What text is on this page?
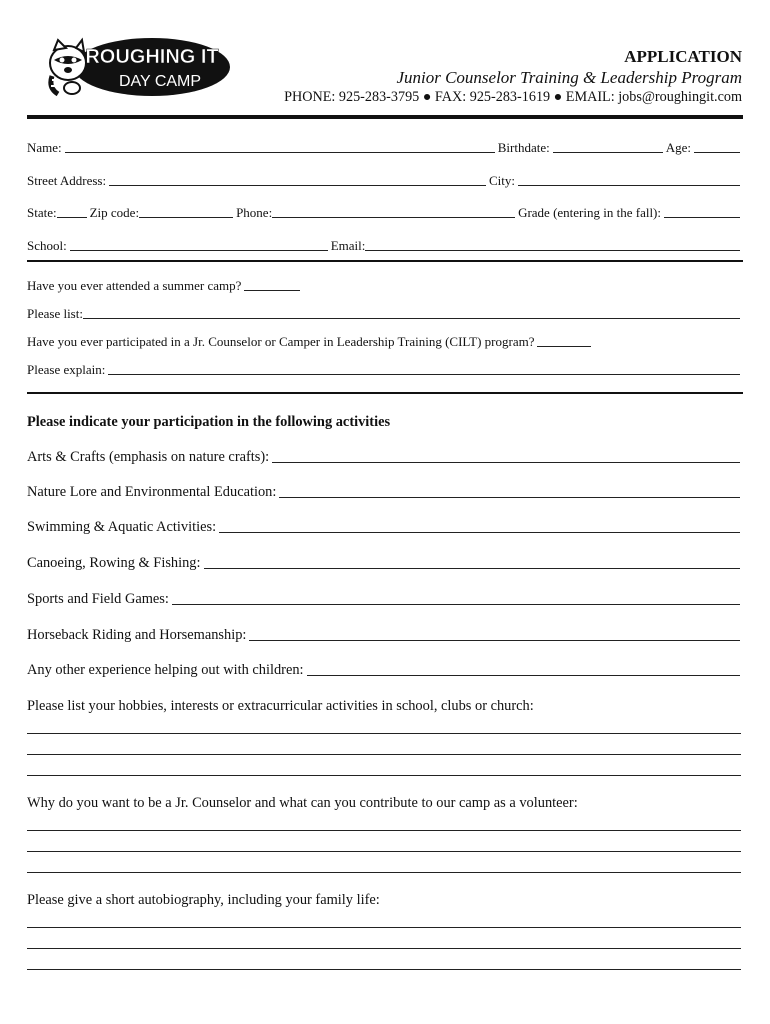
ROUGHING IT
DAY CAMP
APPLICATION
Junior Counselor Training & Leadership Program
PHONE: 925-283-3795 ● FAX: 925-283-1619 ● EMAIL: jobs@roughingit.com
Name:	Birthdate:	Age:
Street Address:	City:
State:	Zip code:	Phone:	Grade (entering in the fall):
School:	Email:
Have you ever attended a summer camp?
Please list:
Have you ever participated in a Jr. Counselor or Camper in Leadership Training (CILT) program?
Please explain:
Please indicate your participation in the following activities
Arts & Crafts (emphasis on nature crafts):
Nature Lore and Environmental Education:
Swimming & Aquatic Activities:
Canoeing, Rowing & Fishing:
Sports and Field Games:
Horseback Riding and Horsemanship:
Any other experience helping out with children:
Please list your hobbies, interests or extracurricular activities in school, clubs or church:
Why do you want to be a Jr. Counselor and what can you contribute to our camp as a volunteer:
Please give a short autobiography, including your family life:
